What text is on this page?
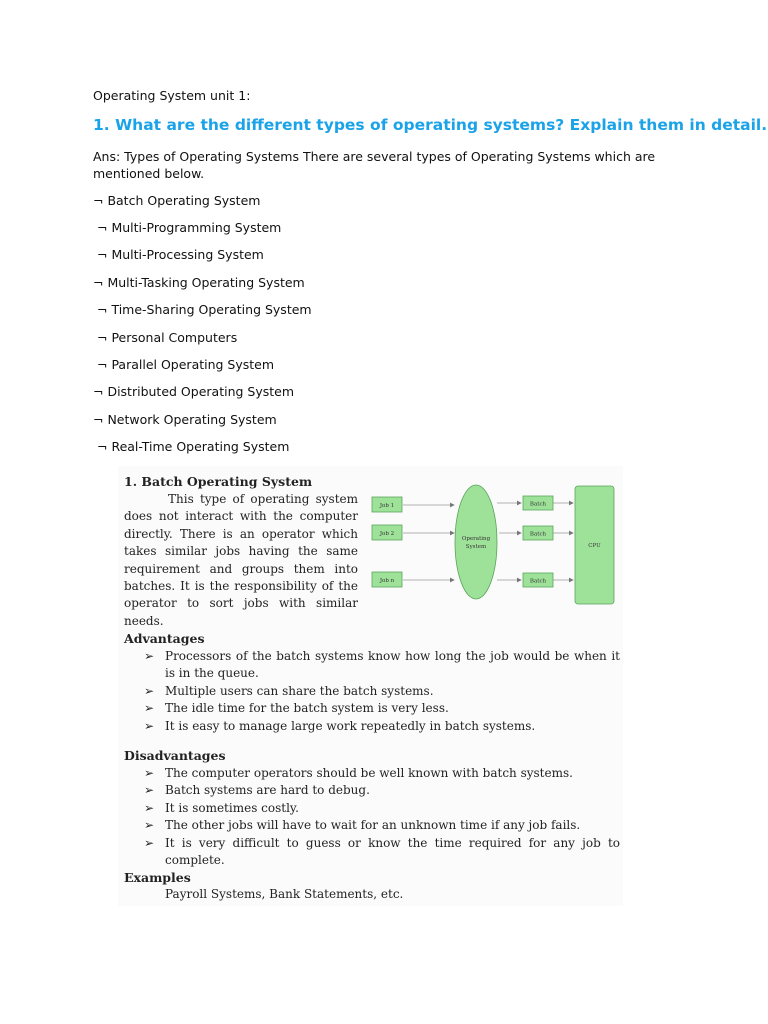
Operating System unit 1:
1. What are the different types of operating systems? Explain them in detail.
Ans: Types of Operating Systems There are several types of Operating Systems which are mentioned below.
¬ Batch Operating System
¬ Multi-Programming System
¬ Multi-Processing System
¬ Multi-Tasking Operating System
¬ Time-Sharing Operating System
¬ Personal Computers
¬ Parallel Operating System
¬ Distributed Operating System
¬ Network Operating System
¬ Real-Time Operating System
1. Batch Operating System
This type of operating system does not interact with the computer directly. There is an operator which takes similar jobs having the same requirement and groups them into batches. It is the responsibility of the operator to sort jobs with similar needs.
Job 1
Job 2
Job n
Operating
System
Batch
Batch
Batch
CPU
Advantages
➢ Processors of the batch systems know how long the job would be when it is in the queue.
➢ Multiple users can share the batch systems.
➢ The idle time for the batch system is very less.
➢ It is easy to manage large work repeatedly in batch systems.
Disadvantages
➢ The computer operators should be well known with batch systems.
➢ Batch systems are hard to debug.
➢ It is sometimes costly.
➢ The other jobs will have to wait for an unknown time if any job fails.
➢ It is very difficult to guess or know the time required for any job to complete.
Examples
Payroll Systems, Bank Statements, etc.
